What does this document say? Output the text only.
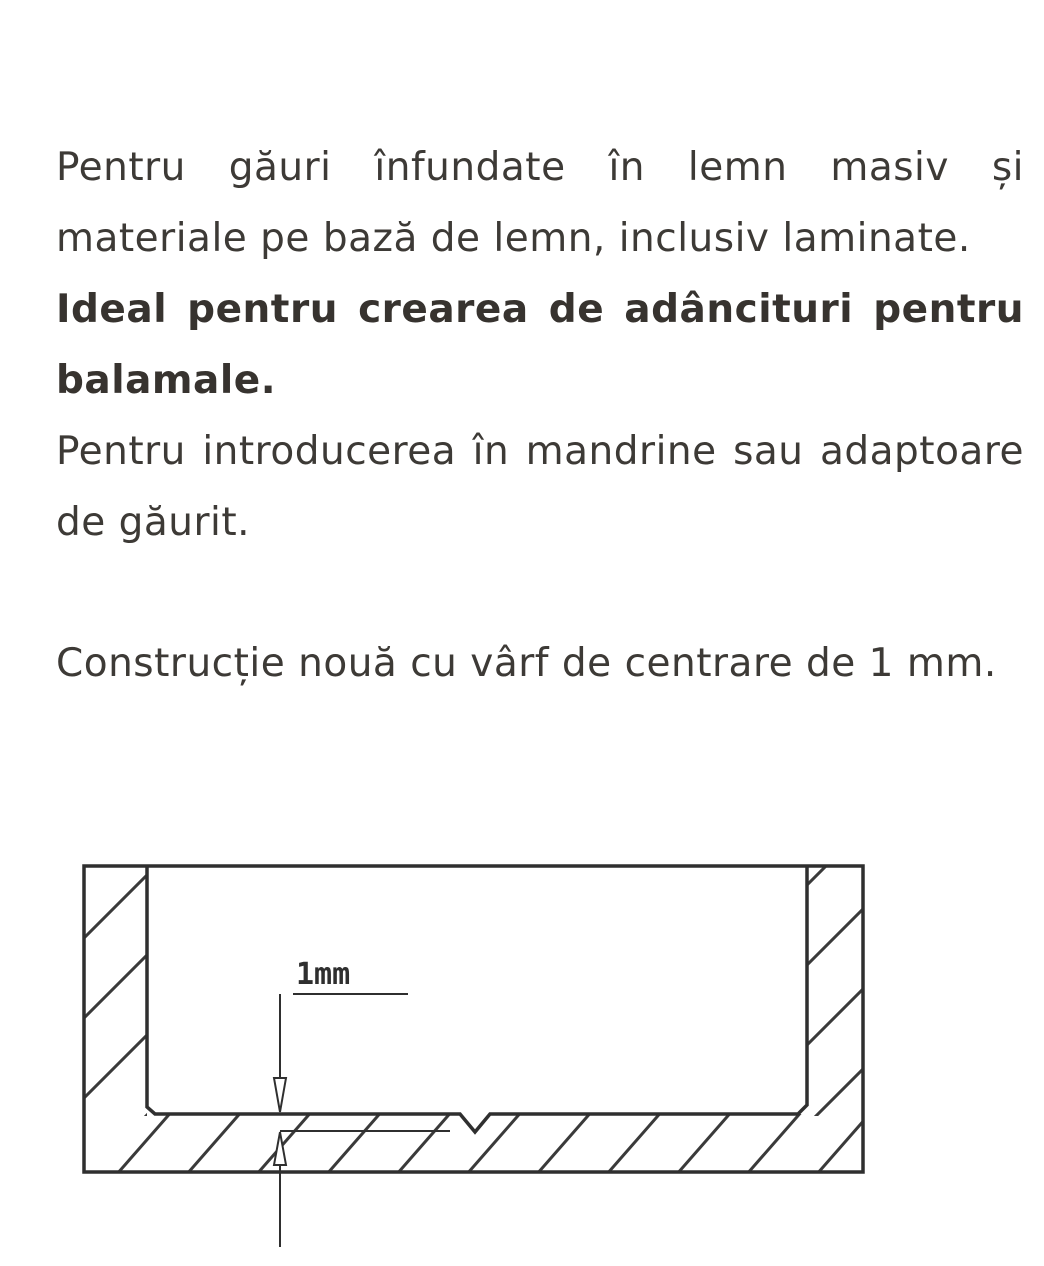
Pentru găuri înfundate în lemn masiv și materiale pe bază de lemn, inclusiv laminate.

Ideal pentru crearea de adâncituri pentru balamale.

Pentru introducerea în mandrine sau adaptoare de găurit.

Construcție nouă cu vârf de centrare de 1 mm.

1mm
